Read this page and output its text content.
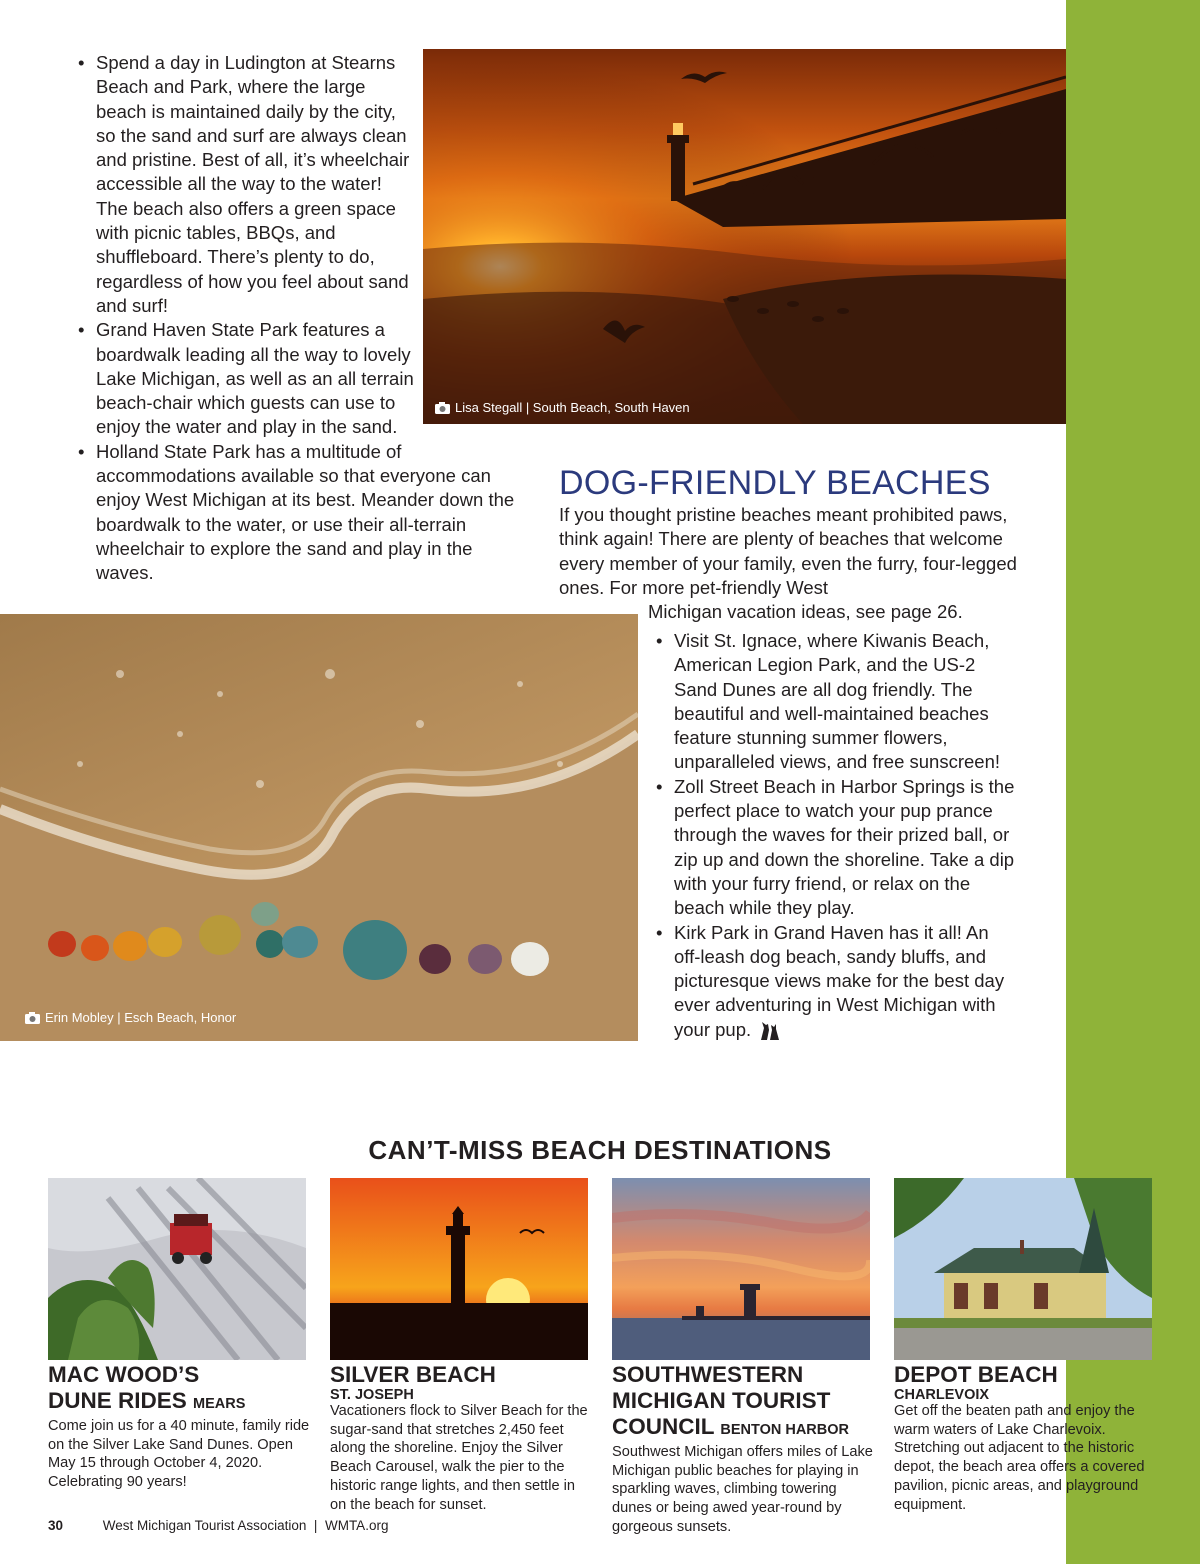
• Spend a day in Ludington at Stearns Beach and Park, where the large beach is maintained daily by the city, so the sand and surf are always clean and pristine. Best of all, it’s wheelchair accessible all the way to the water! The beach also offers a green space with picnic tables, BBQs, and shuffleboard. There’s plenty to do, regardless of how you feel about sand and surf!
• Grand Haven State Park features a boardwalk leading all the way to lovely Lake Michigan, as well as an all terrain beach-chair which guests can use to enjoy the water and play in the sand.
• Holland State Park has a multitude of accommodations available so that everyone can enjoy West Michigan at its best. Meander down the boardwalk to the water, or use their all-terrain wheelchair to explore the sand and play in the waves.
Lisa Stegall | South Beach, South Haven
DOG-FRIENDLY BEACHES

If you thought pristine beaches meant prohibited paws, think again! There are plenty of beaches that welcome every member of your family, even the furry, four-legged ones. For more pet-friendly West

Michigan vacation ideas, see page 26.

• Visit St. Ignace, where Kiwanis Beach, American Legion Park, and the US-2 Sand Dunes are all dog friendly. The beautiful and well-maintained beaches feature stunning summer flowers, unparalleled views, and free sunscreen!
• Zoll Street Beach in Harbor Springs is the perfect place to watch your pup prance through the waves for their prized ball, or zip up and down the shoreline. Take a dip with your furry friend, or relax on the beach while they play.
• Kirk Park in Grand Haven has it all! An off-leash dog beach, sandy bluffs, and picturesque views make for the best day ever adventuring in West Michigan with your pup.
Erin Mobley | Esch Beach, Honor
CAN’T-MISS BEACH DESTINATIONS
MAC WOOD’S
DUNE RIDES MEARS
Come join us for a 40 minute, family ride on the Silver Lake Sand Dunes. Open May 15 through October 4, 2020. Celebrating 90 years!
SILVER BEACH
ST. JOSEPH
Vacationers flock to Silver Beach for the sugar-sand that stretches 2,450 feet along the shoreline. Enjoy the Silver Beach Carousel, walk the pier to the historic range lights, and then settle in on the beach for sunset.
SOUTHWESTERN
MICHIGAN TOURIST
COUNCIL BENTON HARBOR
Southwest Michigan offers miles of Lake Michigan public beaches for playing in sparkling waves, climbing towering dunes or being awed year-round by gorgeous sunsets.
DEPOT BEACH
CHARLEVOIX
Get off the beaten path and enjoy the warm waters of Lake Charlevoix. Stretching out adjacent to the historic depot, the beach area offers a covered pavilion, picnic areas, and playground equipment.
30	West Michigan Tourist Association | WMTA.org
